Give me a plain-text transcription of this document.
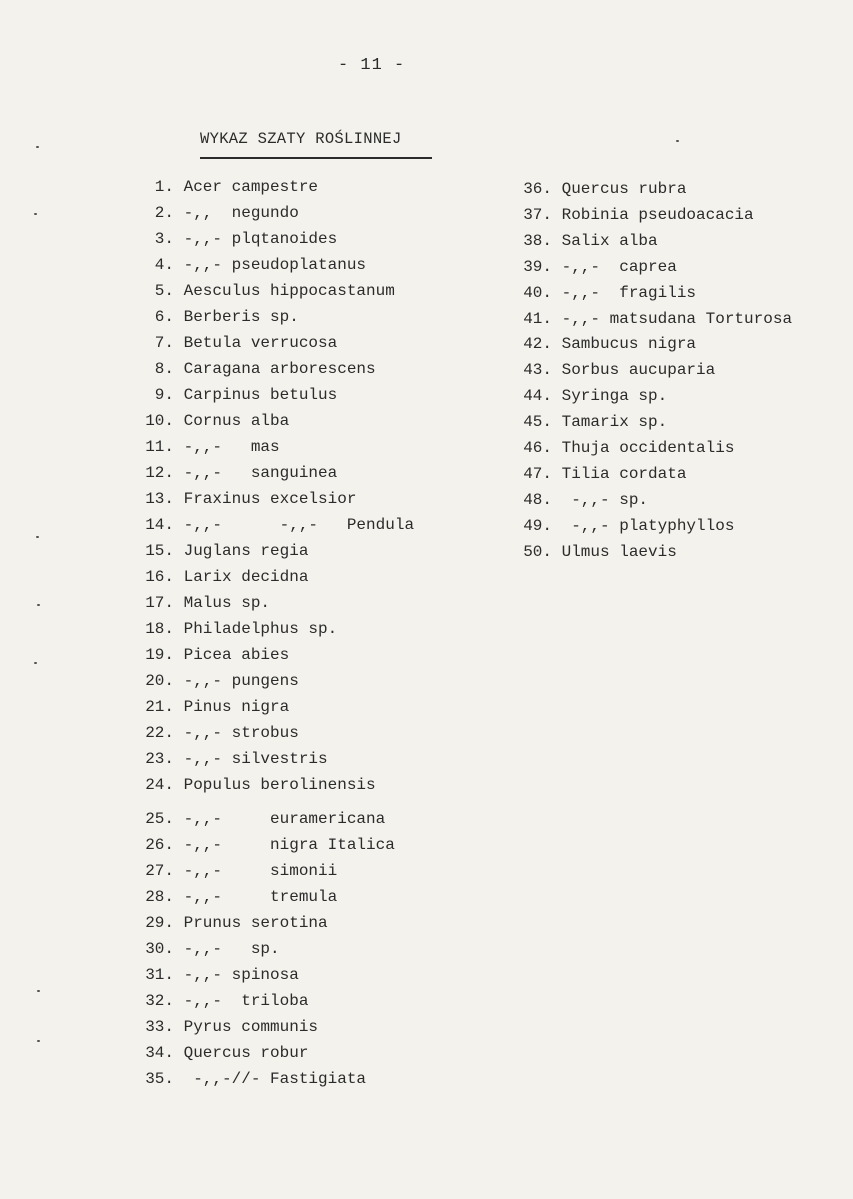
- 11 -
WYKAZ SZATY ROŚLINNEJ
1. Acer campestre
2. -,,  negundo
3. -,,- plqtanoides
4. -,,- pseudoplatanus
5. Aesculus hippocastanum
6. Berberis sp.
7. Betula verrucosa
8. Caragana arborescens
9. Carpinus betulus
10. Cornus alba
11. -,,-   mas
12. -,,-   sanguinea
13. Fraxinus excelsior
14. -,,-      -,,-   Pendula
15. Juglans regia
16. Larix decidna
17. Malus sp.
18. Philadelphus sp.
19. Picea abies
20. -,,- pungens
21. Pinus nigra
22. -,,- strobus
23. -,,- silvestris
24. Populus berolinensis
25. -,,-     euramericana
26. -,,-     nigra Italica
27. -,,-     simonii
28. -,,-     tremula
29. Prunus serotina
30. -,,-   sp.
31. -,,- spinosa
32. -,,-  triloba
33. Pyrus communis
34. Quercus robur
35.  -,,-//- Fastigiata
36. Quercus rubra
37. Robinia pseudoacacia
38. Salix alba
39. -,,-  caprea
40. -,,-  fragilis
41. -,,- matsudana Torturosa
42. Sambucus nigra
43. Sorbus aucuparia
44. Syringa sp.
45. Tamarix sp.
46. Thuja occidentalis
47. Tilia cordata
48.  -,,- sp.
49.  -,,- platyphyllos
50. Ulmus laevis
